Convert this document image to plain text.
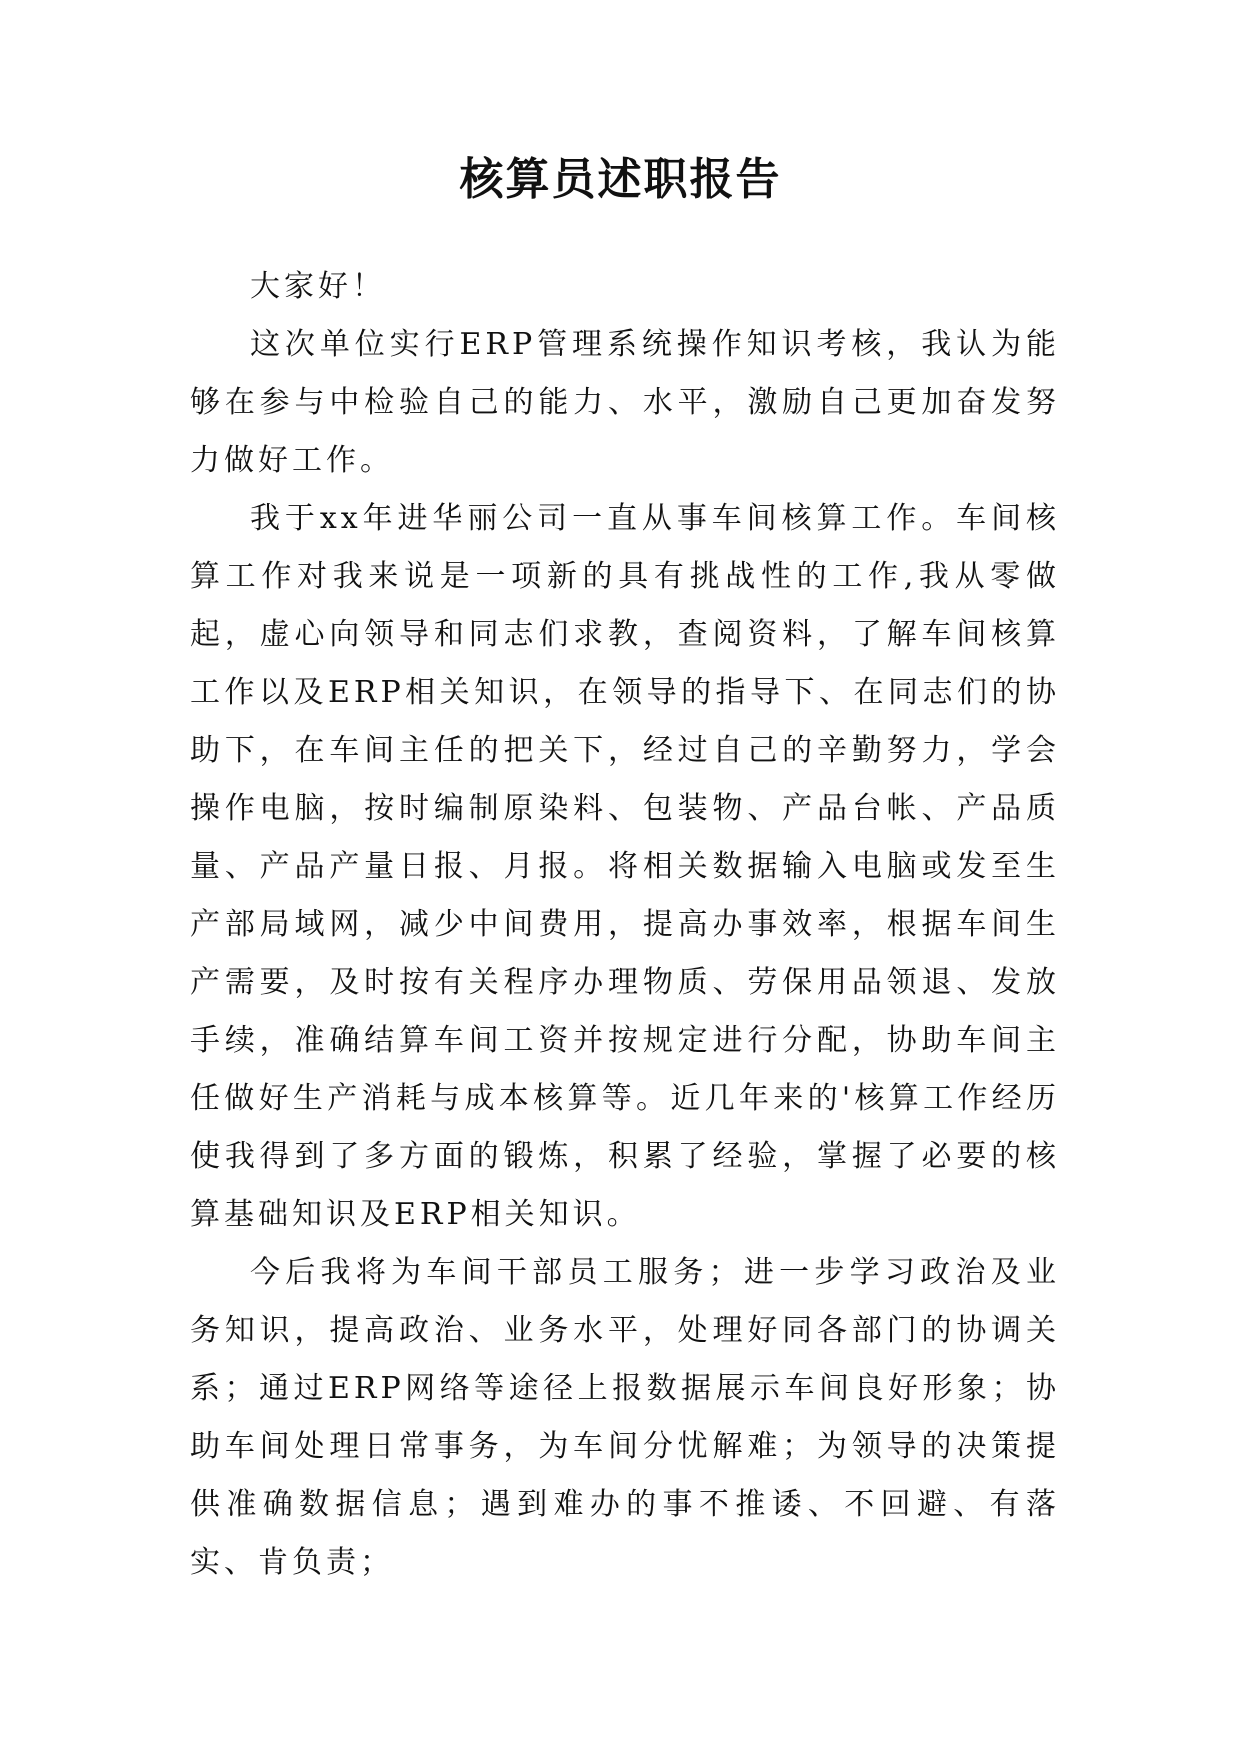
核算员述职报告

大家好！

这次单位实行ERP管理系统操作知识考核，我认为能够在参与中检验自己的能力、水平，激励自己更加奋发努力做好工作。

我于xx年进华丽公司一直从事车间核算工作。车间核算工作对我来说是一项新的具有挑战性的工作,我从零做起，虚心向领导和同志们求教，查阅资料，了解车间核算工作以及ERP相关知识，在领导的指导下、在同志们的协助下，在车间主任的把关下，经过自己的辛勤努力，学会操作电脑，按时编制原染料、包装物、产品台帐、产品质量、产品产量日报、月报。将相关数据输入电脑或发至生产部局域网，减少中间费用，提高办事效率，根据车间生产需要，及时按有关程序办理物质、劳保用品领退、发放手续，准确结算车间工资并按规定进行分配，协助车间主任做好生产消耗与成本核算等。近几年来的'核算工作经历使我得到了多方面的锻炼，积累了经验，掌握了必要的核算基础知识及ERP相关知识。

今后我将为车间干部员工服务；进一步学习政治及业务知识，提高政治、业务水平，处理好同各部门的协调关系；通过ERP网络等途径上报数据展示车间良好形象；协助车间处理日常事务，为车间分忧解难；为领导的决策提供准确数据信息；遇到难办的事不推诿、不回避、有落实、肯负责；
